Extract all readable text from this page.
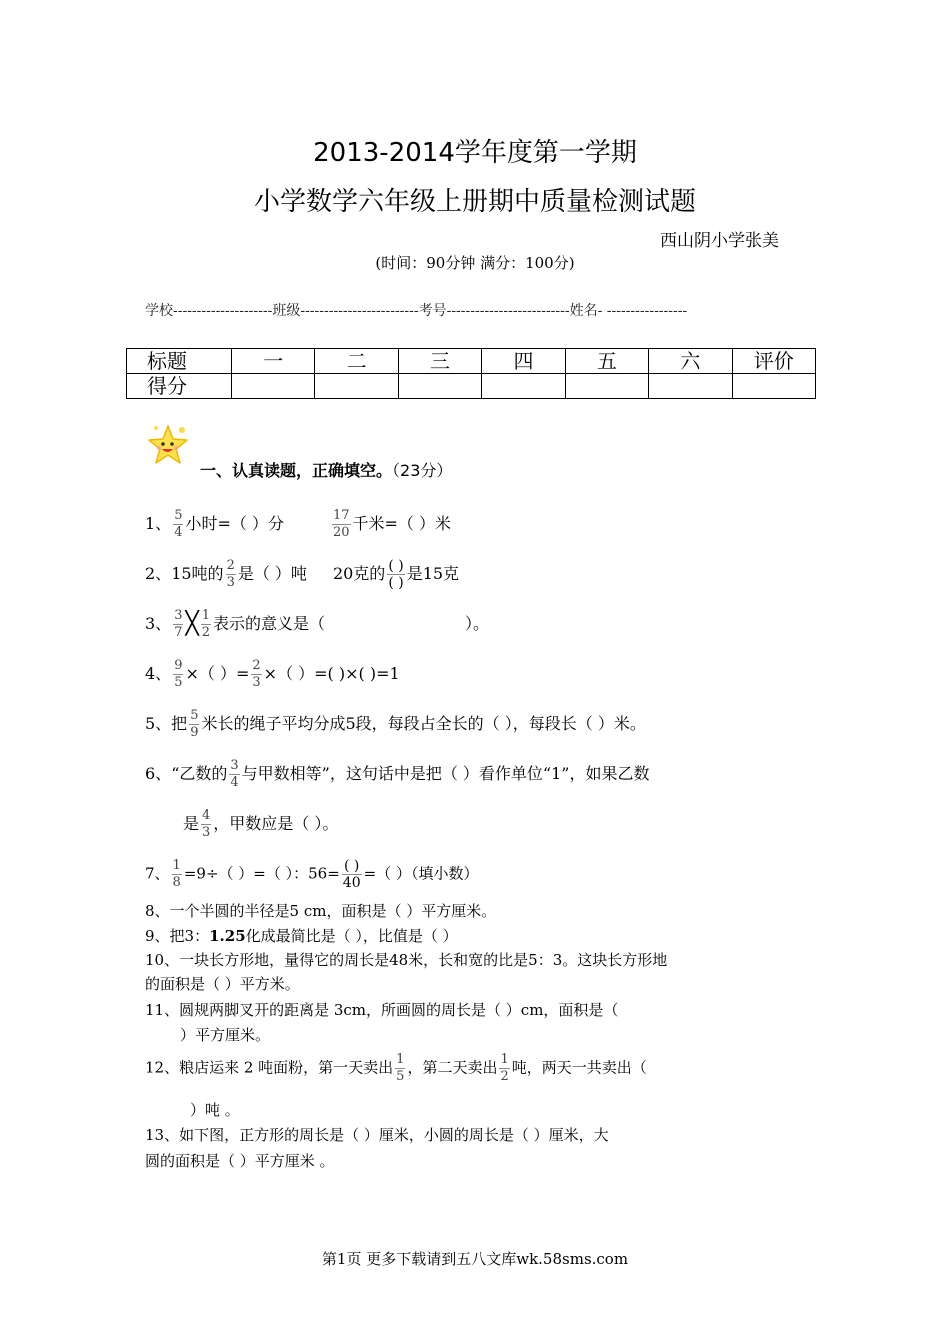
2013-2014学年度第一学期
小学数学六年级上册期中质量检测试题
西山阴小学张美
(时间：90分钟 满分：100分)
学校---------------------班级-------------------------考号--------------------------姓名- -----------------
标题	一	二	三	四	五	六	评价
得分							
一、认真读题，正确填空。（23分）
1、 $\frac{5}{4}$ 小时=（ ）分	$\frac{17}{20}$ 千米=（ ）米
2、15吨的 $\frac{2}{3}$ 是（ ）吨 20克的 $\frac{( )}{( )}$ 是15克
3、 $\frac{3}{7}$ ╳ $\frac{1}{2}$ 表示的意义是（	）。
4、 $\frac{9}{5}$ ×（ ）= $\frac{2}{3}$ ×（ ）=( )×( )=1
5、把 $\frac{5}{9}$ 米长的绳子平均分成5段，每段占全长的（ ），每段长（ ）米。
6、“乙数的 $\frac{3}{4}$ 与甲数相等”，这句话中是把（ ）看作单位“1”，如果乙数
是 $\frac{4}{3}$ ，甲数应是（ ）。
7、 $\frac{1}{8} =9\div$（ ）=（ ）：$56= \frac{( )}{40}$ =（ ）（填小数）
8、一个半圆的半径是5 cm，面积是（ ）平方厘米。
9、把3：1.25化成最简比是（ ），比值是（ ）
10、一块长方形地，量得它的周长是48米，长和宽的比是5：3。这块长方形地
的面积是（ ）平方米。
11、圆规两脚叉开的距离是 3cm，所画圆的周长是（ ）cm，面积是（
）平方厘米。
12、粮店运来 2 吨面粉，第一天卖出 $\frac{1}{5}$ ，第二天卖出 $\frac{1}{2}$ 吨，两天一共卖出（
）吨 。
13、如下图，正方形的周长是（ ）厘米，小圆的周长是（ ）厘米，大
圆的面积是（ ）平方厘米 。
第1页 更多下载请到五八文库wk.58sms.com
